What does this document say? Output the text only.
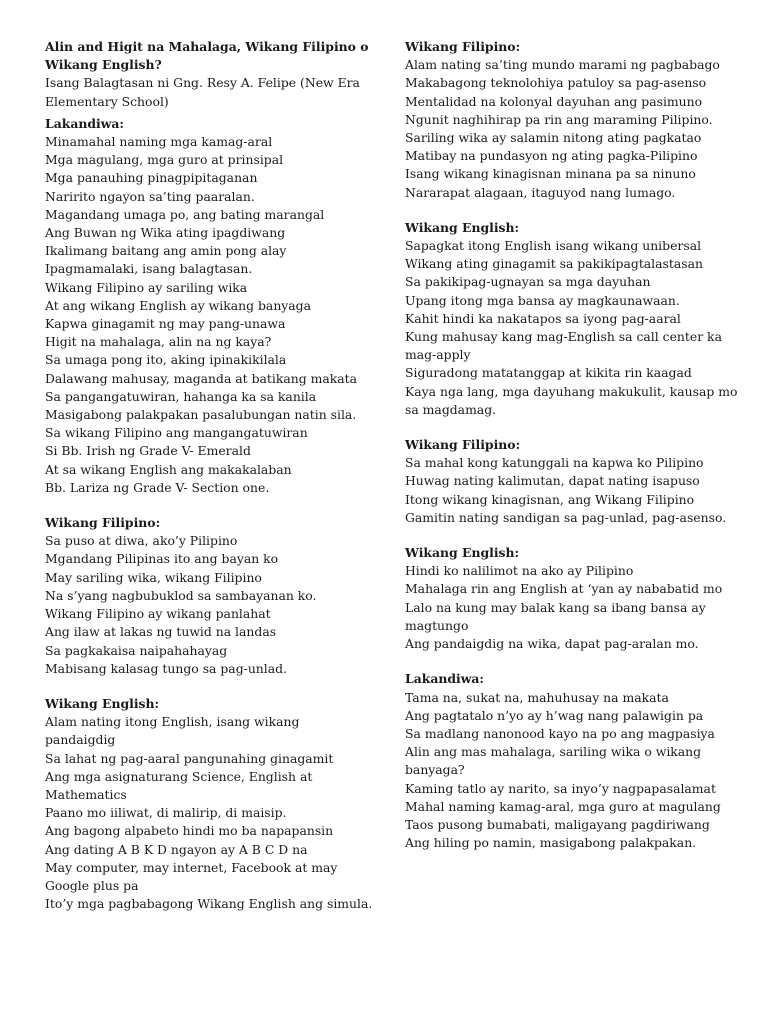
Alin and Higit na Mahalaga, Wikang Filipino o Wikang English?

Isang Balagtasan ni Gng. Resy A. Felipe (New Era Elementary School)

Lakandiwa:
Minamahal naming mga kamag-aral
Mga magulang, mga guro at prinsipal
Mga panauhing pinagpipitaganan
Naririto ngayon sa’ting paaralan.
Magandang umaga po, ang bating marangal
Ang Buwan ng Wika ating ipagdiwang
Ikalimang baitang ang amin pong alay
Ipagmamalaki, isang balagtasan.
Wikang Filipino ay sariling wika
At ang wikang English ay wikang banyaga
Kapwa ginagamit ng may pang-unawa
Higit na mahalaga, alin na ng kaya?
Sa umaga pong ito, aking ipinakikilala
Dalawang mahusay, maganda at batikang makata
Sa pangangatuwiran, hahanga ka sa kanila
Masigabong palakpakan pasalubungan natin sila.
Sa wikang Filipino ang mangangatuwiran
Si Bb. Irish ng Grade V- Emerald
At sa wikang English ang makakalaban
Bb. Lariza ng Grade V- Section one.
Wikang Filipino:
Sa puso at diwa, ako’y Pilipino
Mgandang Pilipinas ito ang bayan ko
May sariling wika, wikang Filipino
Na s’yang nagbubuklod sa sambayanan ko.
Wikang Filipino ay wikang panlahat
Ang ilaw at lakas ng tuwid na landas
Sa pagkakaisa naipahahayag
Mabisang kalasag tungo sa pag-unlad.
Wikang English:
Alam nating itong English, isang wikang pandaigdig
Sa lahat ng pag-aaral pangunahing ginagamit
Ang mga asignaturang Science, English at Mathematics
Paano mo iiliwat, di malirip, di maisip.
Ang bagong alpabeto hindi mo ba napapansin
Ang dating A B K D ngayon ay A B C D na
May computer, may internet, Facebook at may Google plus pa
Ito’y mga pagbabagong Wikang English ang simula.
Wikang Filipino:
Alam nating sa’ting mundo marami ng pagbabago
Makabagong teknolohiya patuloy sa pag-asenso
Mentalidad na kolonyal dayuhan ang pasimuno
Ngunit naghihirap pa rin ang maraming Pilipino.
Sariling wika ay salamin nitong ating pagkatao
Matibay na pundasyon ng ating pagka-Pilipino
Isang wikang kinagisnan minana pa sa ninuno
Nararapat alagaan, itaguyod nang lumago.
Wikang English:
Sapagkat itong English isang wikang unibersal
Wikang ating ginagamit sa pakikipagtalastasan
Sa pakikipag-ugnayan sa mga dayuhan
Upang itong mga bansa ay magkaunawaan.
Kahit hindi ka nakatapos sa iyong pag-aaral
Kung mahusay kang mag-English sa call center ka mag-apply
Siguradong matatanggap at kikita rin kaagad
Kaya nga lang, mga dayuhang makukulit, kausap mo sa magdamag.
Wikang Filipino:
Sa mahal kong katunggali na kapwa ko Pilipino
Huwag nating kalimutan, dapat nating isapuso
Itong wikang kinagisnan, ang Wikang Filipino
Gamitin nating sandigan sa pag-unlad, pag-asenso.
Wikang English:
Hindi ko nalilimot na ako ay Pilipino
Mahalaga rin ang English at ‘yan ay nababatid mo
Lalo na kung may balak kang sa ibang bansa ay magtungo
Ang pandaigdig na wika, dapat pag-aralan mo.
Lakandiwa:
Tama na, sukat na, mahuhusay na makata
Ang pagtatalo n’yo ay h’wag nang palawigin pa
Sa madlang nanonood kayo na po ang magpasiya
Alin ang mas mahalaga, sariling wika o wikang banyaga?
Kaming tatlo ay narito, sa inyo’y nagpapasalamat
Mahal naming kamag-aral, mga guro at magulang
Taos pusong bumabati, maligayang pagdiriwang
Ang hiling po namin, masigabong palakpakan.
